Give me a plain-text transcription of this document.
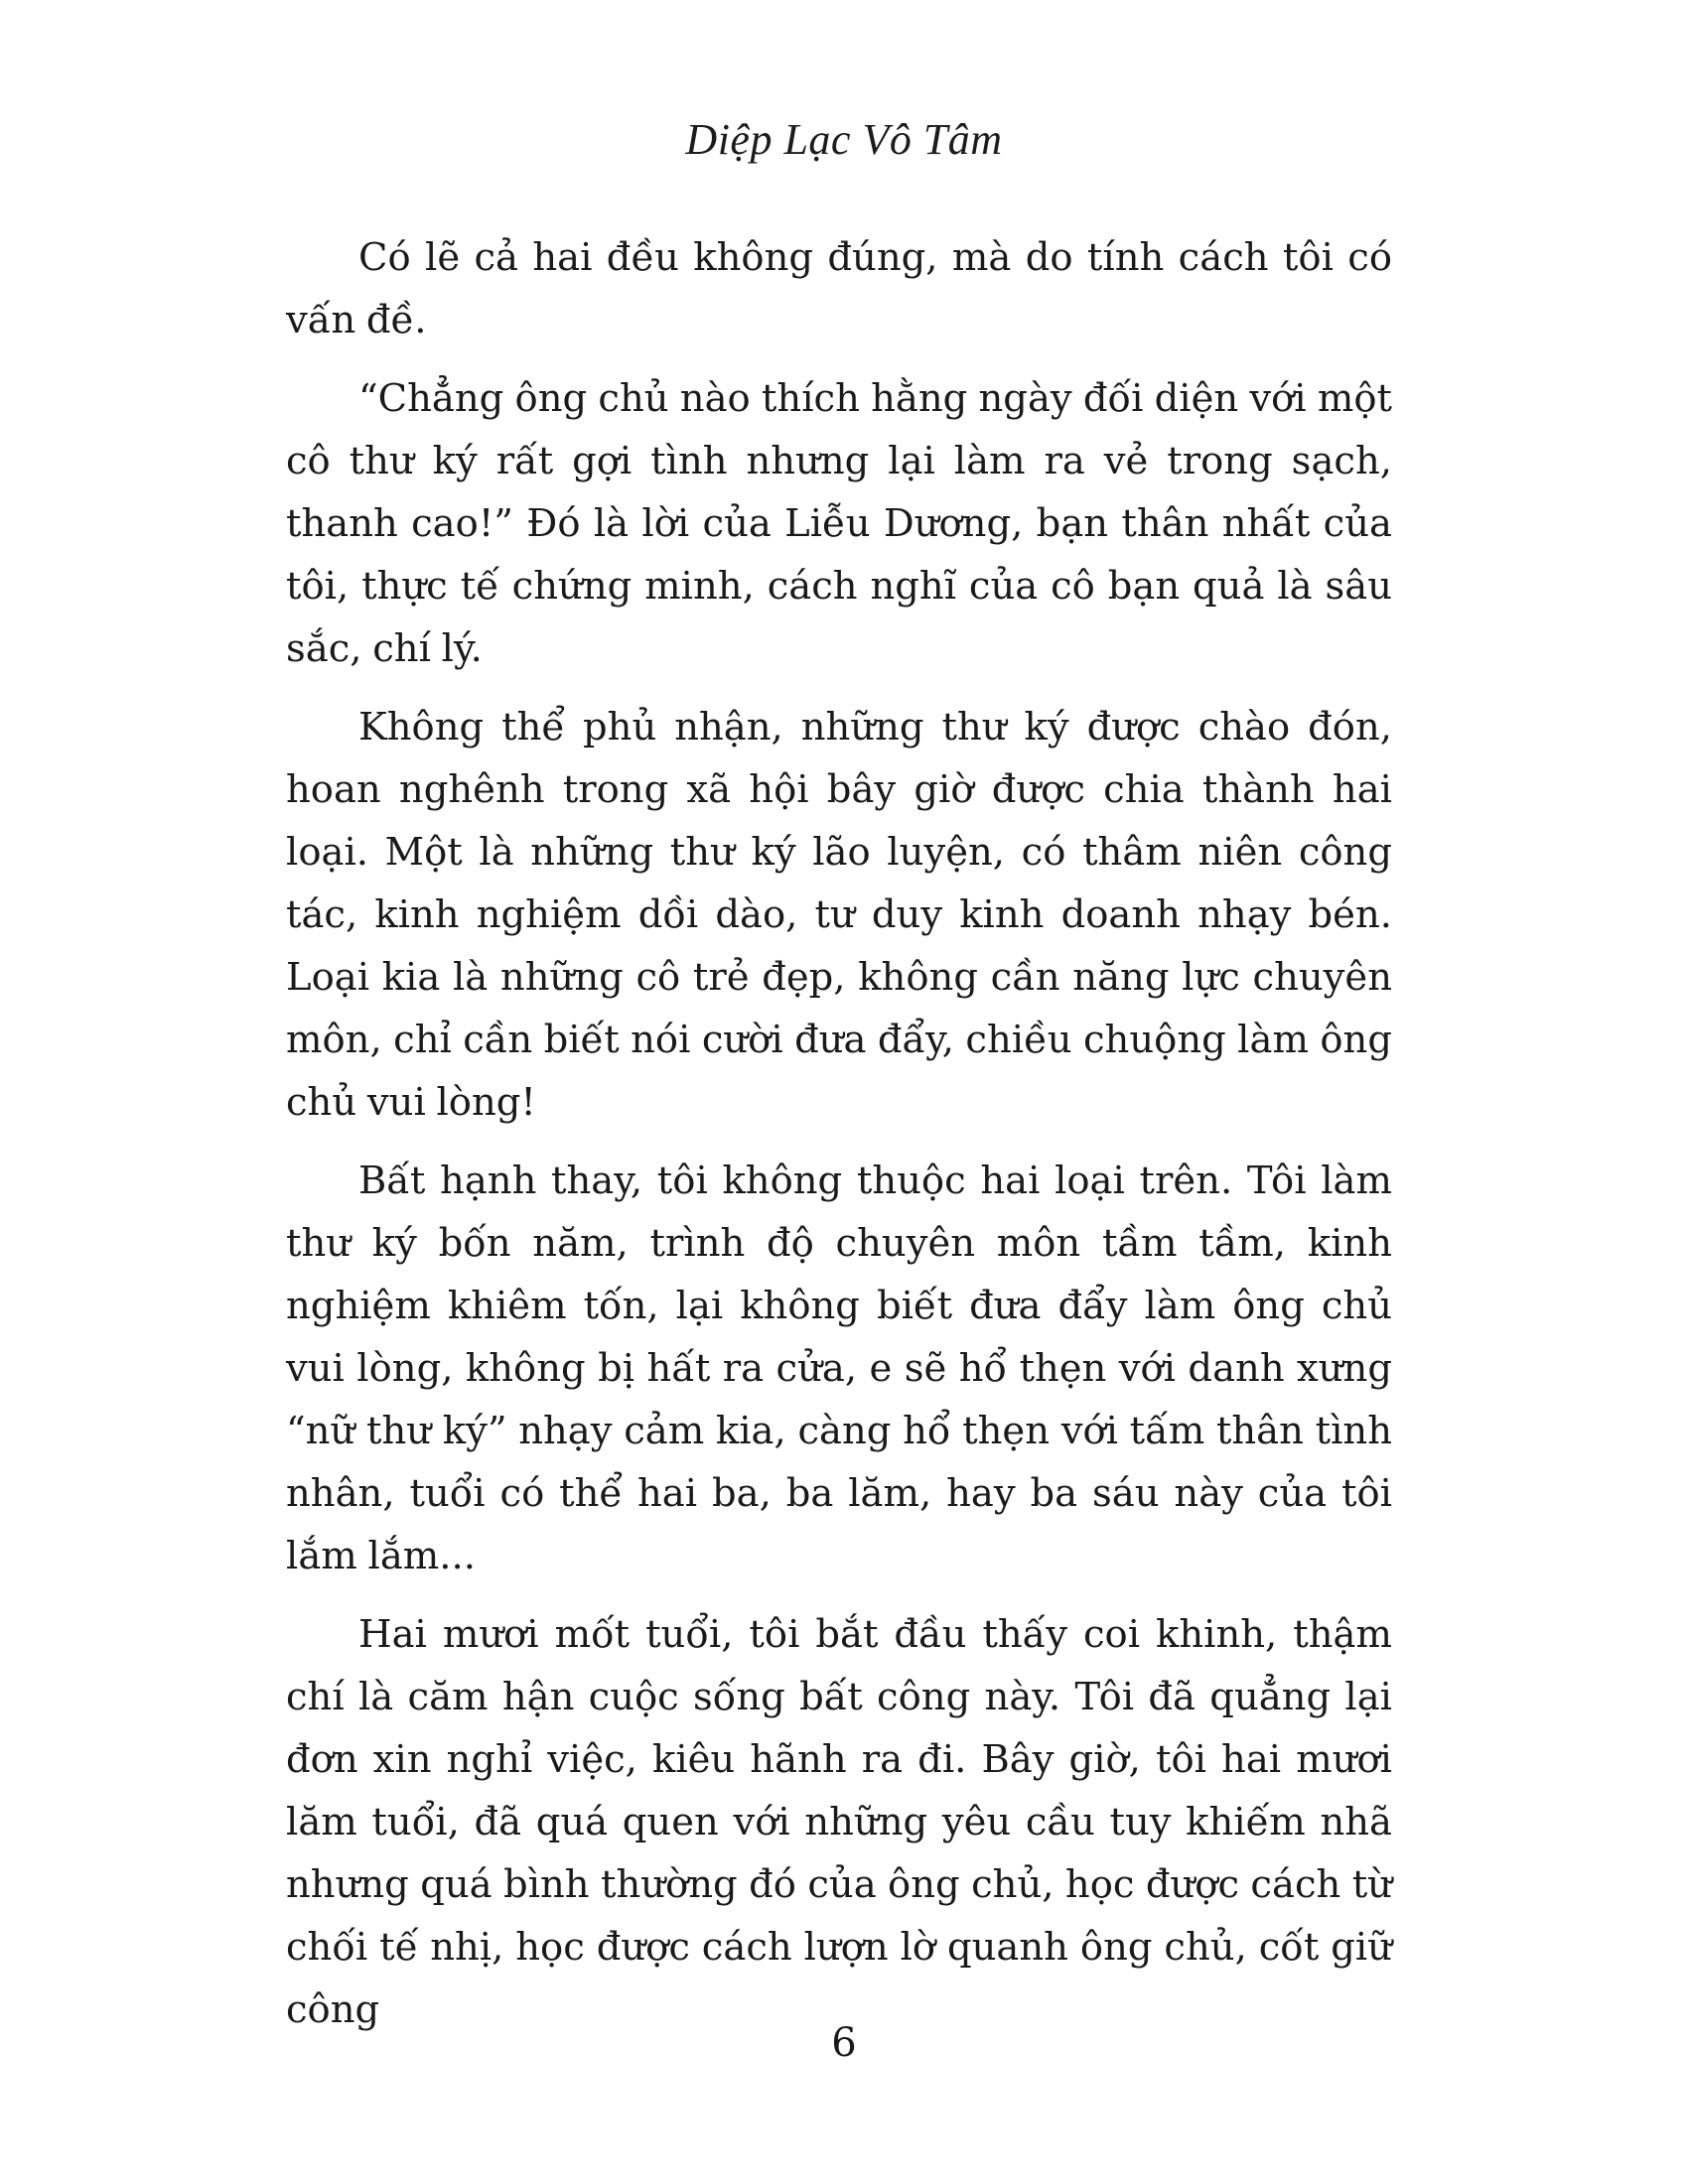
Diệp Lạc Vô Tâm

Có lẽ cả hai đều không đúng, mà do tính cách tôi có vấn đề.

“Chẳng ông chủ nào thích hằng ngày đối diện với một cô thư ký rất gợi tình nhưng lại làm ra vẻ trong sạch, thanh cao!” Đó là lời của Liễu Dương, bạn thân nhất của tôi, thực tế chứng minh, cách nghĩ của cô bạn quả là sâu sắc, chí lý.

Không thể phủ nhận, những thư ký được chào đón, hoan nghênh trong xã hội bây giờ được chia thành hai loại. Một là những thư ký lão luyện, có thâm niên công tác, kinh nghiệm dồi dào, tư duy kinh doanh nhạy bén. Loại kia là những cô trẻ đẹp, không cần năng lực chuyên môn, chỉ cần biết nói cười đưa đẩy, chiều chuộng làm ông chủ vui lòng!

Bất hạnh thay, tôi không thuộc hai loại trên. Tôi làm thư ký bốn năm, trình độ chuyên môn tầm tầm, kinh nghiệm khiêm tốn, lại không biết đưa đẩy làm ông chủ vui lòng, không bị hất ra cửa, e sẽ hổ thẹn với danh xưng “nữ thư ký” nhạy cảm kia, càng hổ thẹn với tấm thân tình nhân, tuổi có thể hai ba, ba lăm, hay ba sáu này của tôi lắm lắm...

Hai mươi mốt tuổi, tôi bắt đầu thấy coi khinh, thậm chí là căm hận cuộc sống bất công này. Tôi đã quẳng lại đơn xin nghỉ việc, kiêu hãnh ra đi. Bây giờ, tôi hai mươi lăm tuổi, đã quá quen với những yêu cầu tuy khiếm nhã nhưng quá bình thường đó của ông chủ, học được cách từ chối tế nhị, học được cách lượn lờ quanh ông chủ, cốt giữ công

6
